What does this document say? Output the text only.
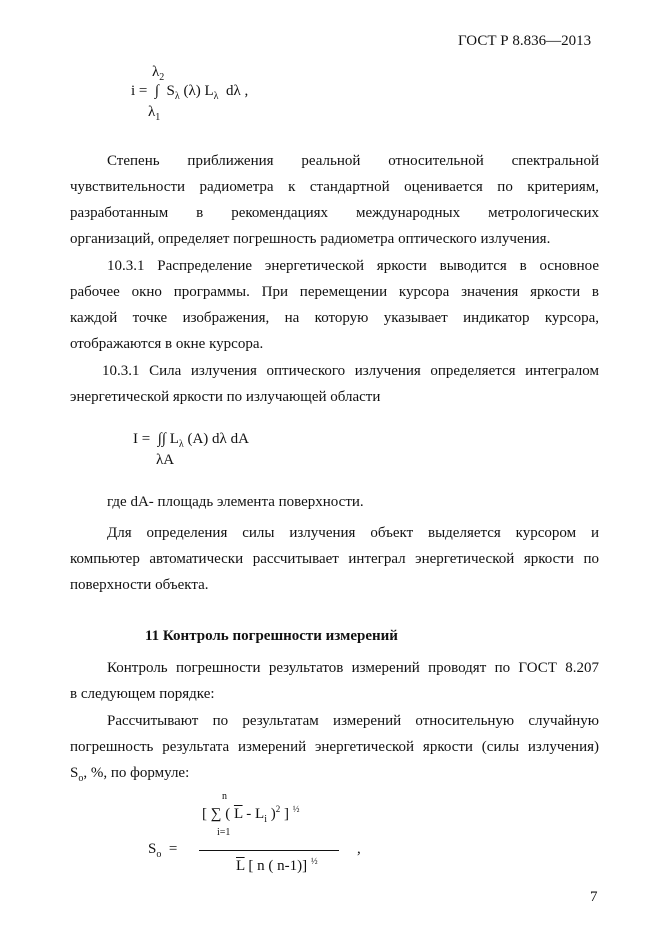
ГОСТ Р 8.836—2013
$\lambda_2$
i = ∫ $S_\lambda$ (λ) $L_\lambda$ dλ ,
$\lambda_1$
Степень приближения реальной относительной спектральной
чувствительности радиометра к стандартной оценивается по критериям,
разработанным в рекомендациях международных метрологических
организаций, определяет погрешность радиометра оптического излучения.
10.3.1 Распределение энергетической яркости выводится в основное
рабочее окно программы. При перемещении курсора значения яркости в
каждой точке изображения, на которую указывает индикатор курсора,
отображаются в окне курсора.
10.3.1 Сила излучения оптического излучения определяется интегралом
энергетической яркости по излучающей области
I = ∫∫ $L_\lambda$ (A) dλ dA
λA
где dA- площадь элемента поверхности.
Для определения силы излучения объект выделяется курсором и
компьютер автоматически рассчитывает интеграл энергетической яркости по
поверхности объекта.
11 Контроль погрешности измерений
Контроль погрешности результатов измерений проводят по ГОСТ 8.207
в следующем порядке:
Рассчитывают по результатам измерений относительную случайную
погрешность результата измерений энергетической яркости (силы излучения)
$S_o$, %, по формуле:
n
[ ∑ ( $\overline{L} - L_i$ )$^2$ ] $^{\frac{1}{2}}$
i=1
$S_o$ =	,
$\overline{L}$ [ n ( n-1)] $^{\frac{1}{2}}$
7
